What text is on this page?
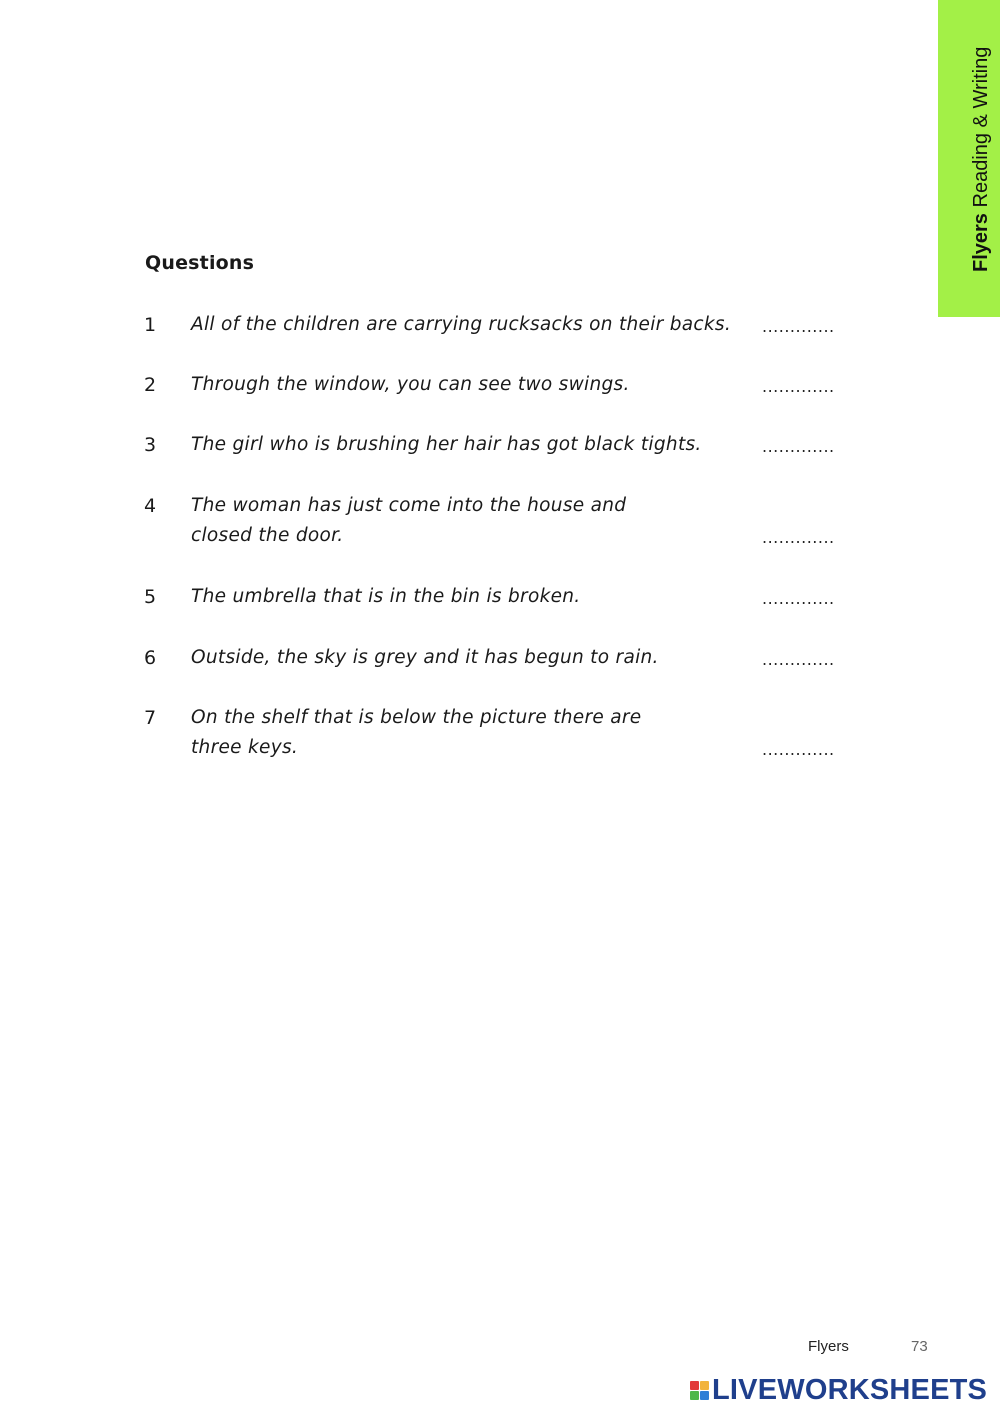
Flyers Reading & Writing
Questions
1 All of the children are carrying rucksacks on their backs.	.............
2 Through the window, you can see two swings.	.............
3 The girl who is brushing her hair has got black tights.	.............
4 The woman has just come into the house and
closed the door.	.............
5 The umbrella that is in the bin is broken.	.............
6 Outside, the sky is grey and it has begun to rain.	.............
7 On the shelf that is below the picture there are
three keys.	.............
Flyers	73
LIVEWORKSHEETS
